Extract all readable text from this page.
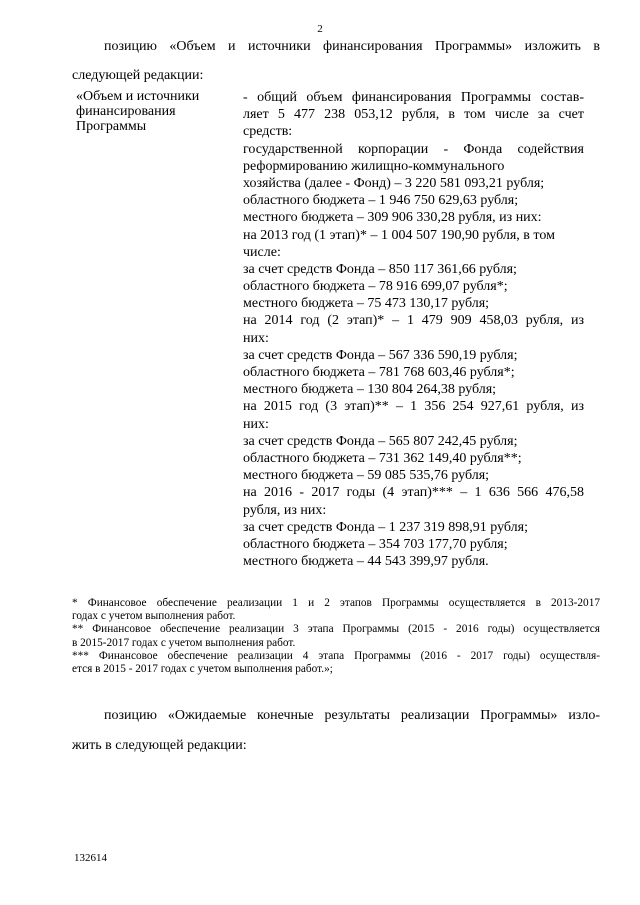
2
позицию «Объем и источники финансирования Программы» изложить в
следующей редакции:
«Объем и источники
финансирования
Программы
- общий объем финансирования Программы состав-
ляет 5 477 238 053,12 рубля, в том числе за счет
средств:
государственной корпорации - Фонда содействия
реформированию жилищно-коммунального
хозяйства (далее - Фонд) – 3 220 581 093,21 рубля;
областного бюджета – 1 946 750 629,63 рубля;
местного бюджета – 309 906 330,28 рубля, из них:
на 2013 год (1 этап)* – 1 004 507 190,90 рубля, в том
числе:
за счет средств Фонда – 850 117 361,66 рубля;
областного бюджета – 78 916 699,07 рубля*;
местного бюджета – 75 473 130,17 рубля;
на 2014 год (2 этап)* – 1 479 909 458,03 рубля, из
них:
за счет средств Фонда – 567 336 590,19 рубля;
областного бюджета – 781 768 603,46 рубля*;
местного бюджета – 130 804 264,38 рубля;
на 2015 год (3 этап)** – 1 356 254 927,61 рубля, из
них:
за счет средств Фонда – 565 807 242,45 рубля;
областного бюджета – 731 362 149,40 рубля**;
местного бюджета – 59 085 535,76 рубля;
на 2016 - 2017 годы (4 этап)*** – 1 636 566 476,58
рубля, из них:
за счет средств Фонда – 1 237 319 898,91 рубля;
областного бюджета – 354 703 177,70 рубля;
местного бюджета – 44 543 399,97 рубля.
* Финансовое обеспечение реализации 1 и 2 этапов Программы осуществляется в 2013-2017
годах с учетом выполнения работ.
** Финансовое обеспечение реализации 3 этапа Программы (2015 - 2016 годы) осуществляется
в 2015-2017 годах с учетом выполнения работ.
*** Финансовое обеспечение реализации 4 этапа Программы (2016 - 2017 годы) осуществля-
ется в 2015 - 2017 годах с учетом выполнения работ.»;
позицию «Ожидаемые конечные результаты реализации Программы» изло-
жить в следующей редакции:
132614
